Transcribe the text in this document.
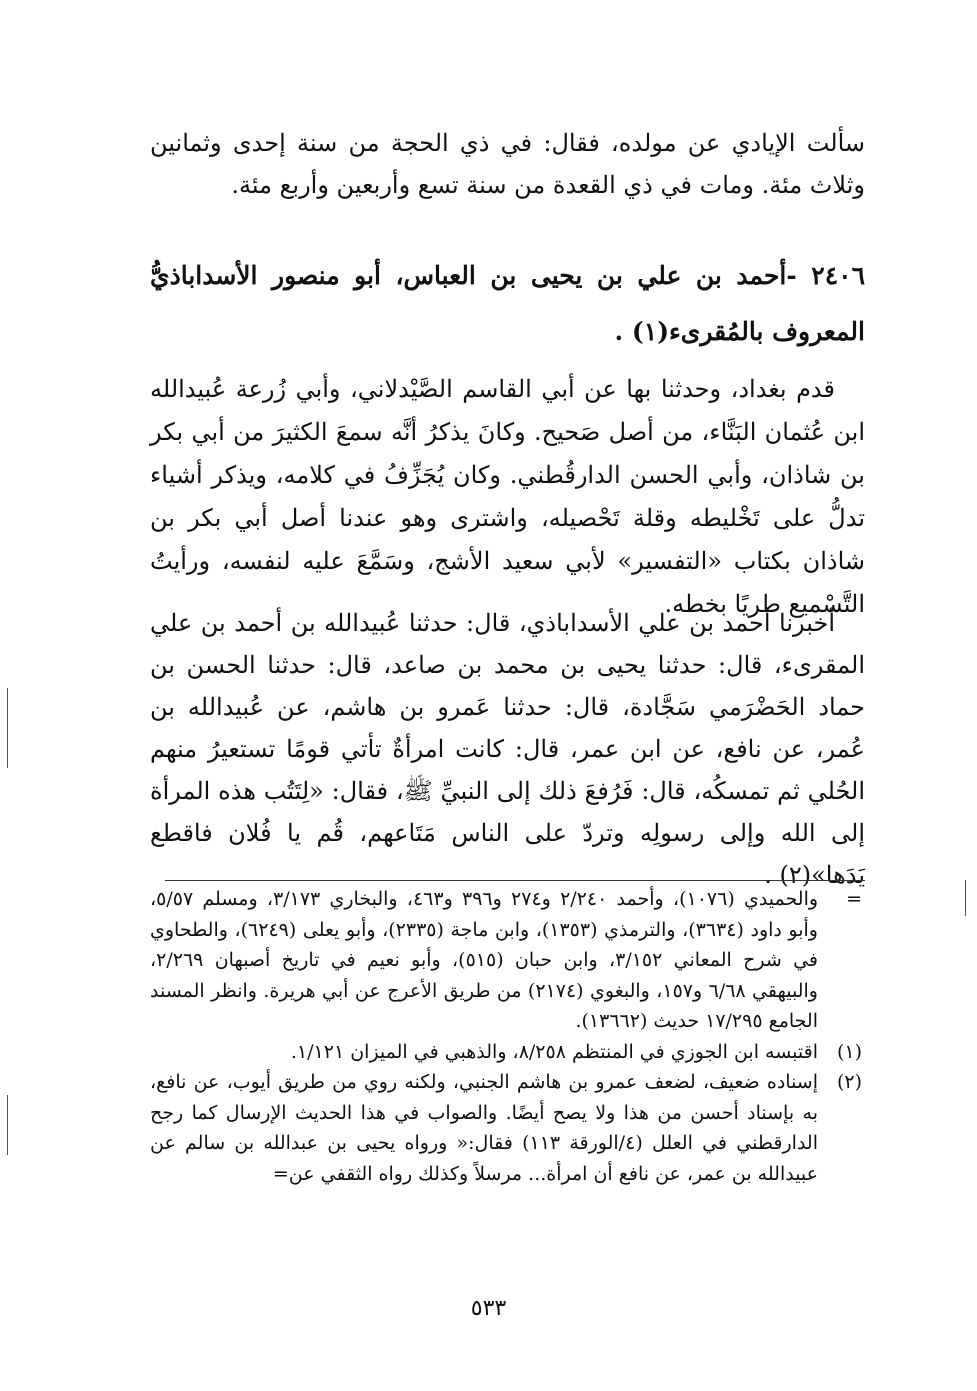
سألت الإيادي عن مولده، فقال: في ذي الحجة من سنة إحدى وثمانين وثلاث مئة. ومات في ذي القعدة من سنة تسع وأربعين وأربع مئة.

٢٤٠٦ -أحمد بن علي بن يحيى بن العباس، أبو منصور الأسداباذيُّ المعروف بالمُقرىء(١) .

قدم بغداد، وحدثنا بها عن أبي القاسم الصَّيْدلاني، وأبي زُرعة عُبيدالله ابن عُثمان البَنَّاء، من أصل صَحيح. وكانَ يذكرُ أنَّه سمعَ الكثيرَ من أبي بكر بن شاذان، وأبي الحسن الدارقُطني. وكان يُجَزِّفُ في كلامه، ويذكر أشياء تدلُّ على تَخْليطه وقلة تَحْصيله، واشترى وهو عندنا أصل أبي بكر بن شاذان بكتاب «التفسير» لأبي سعيد الأشج، وسَمَّعَ عليه لنفسه، ورأيتُ التَّسْميع طريًا بخطه.

أخبرنا أحمد بن علي الأسداباذي، قال: حدثنا عُبيدالله بن أحمد بن علي المقرىء، قال: حدثنا يحيى بن محمد بن صاعد، قال: حدثنا الحسن بن حماد الحَضْرَمي سَجَّادة، قال: حدثنا عَمرو بن هاشم، عن عُبيدالله بن عُمر، عن نافع، عن ابن عمر، قال: كانت امرأةٌ تأتي قومًا تستعيرُ منهم الحُلي ثم تمسكُه، قال: فَرُفعَ ذلك إلى النبيِّ ﷺ، فقال: «لِتَتُب هذه المرأة إلى الله وإلى رسولِه وتردّ على الناس مَتَاعهم، قُم يا فُلان فاقطع يَدَها»(٢) .

=

والحميدي (١٠٧٦)، وأحمد ٢/٢٤٠ و٢٧٤ و٣٩٦ و٤٦٣، والبخاري ٣/١٧٣، ومسلم ٥/٥٧، وأبو داود (٣٦٣٤)، والترمذي (١٣٥٣)، وابن ماجة (٢٣٣٥)، وأبو يعلى (٦٢٤٩)، والطحاوي في شرح المعاني ٣/١٥٢، وابن حبان (٥١٥)، وأبو نعيم في تاريخ أصبهان ٢/٢٦٩، والبيهقي ٦/٦٨ و١٥٧، والبغوي (٢١٧٤) من طريق الأعرج عن أبي هريرة. وانظر المسند الجامع ١٧/٢٩٥ حديث (١٣٦٦٢).

(١)

اقتبسه ابن الجوزي في المنتظم ٨/٢٥٨، والذهبي في الميزان ١/١٢١.

(٢)

إسناده ضعيف، لضعف عمرو بن هاشم الجنبي، ولكنه روي من طريق أيوب، عن نافع، به بإسناد أحسن من هذا ولا يصح أيضًا. والصواب في هذا الحديث الإرسال كما رجح الدارقطني في العلل (٤/الورقة ١١٣) فقال:« ورواه يحيى بن عبدالله بن سالم عن عبيدالله بن عمر، عن نافع أن امرأة... مرسلاً وكذلك رواه الثقفي عن=

٥٣٣
